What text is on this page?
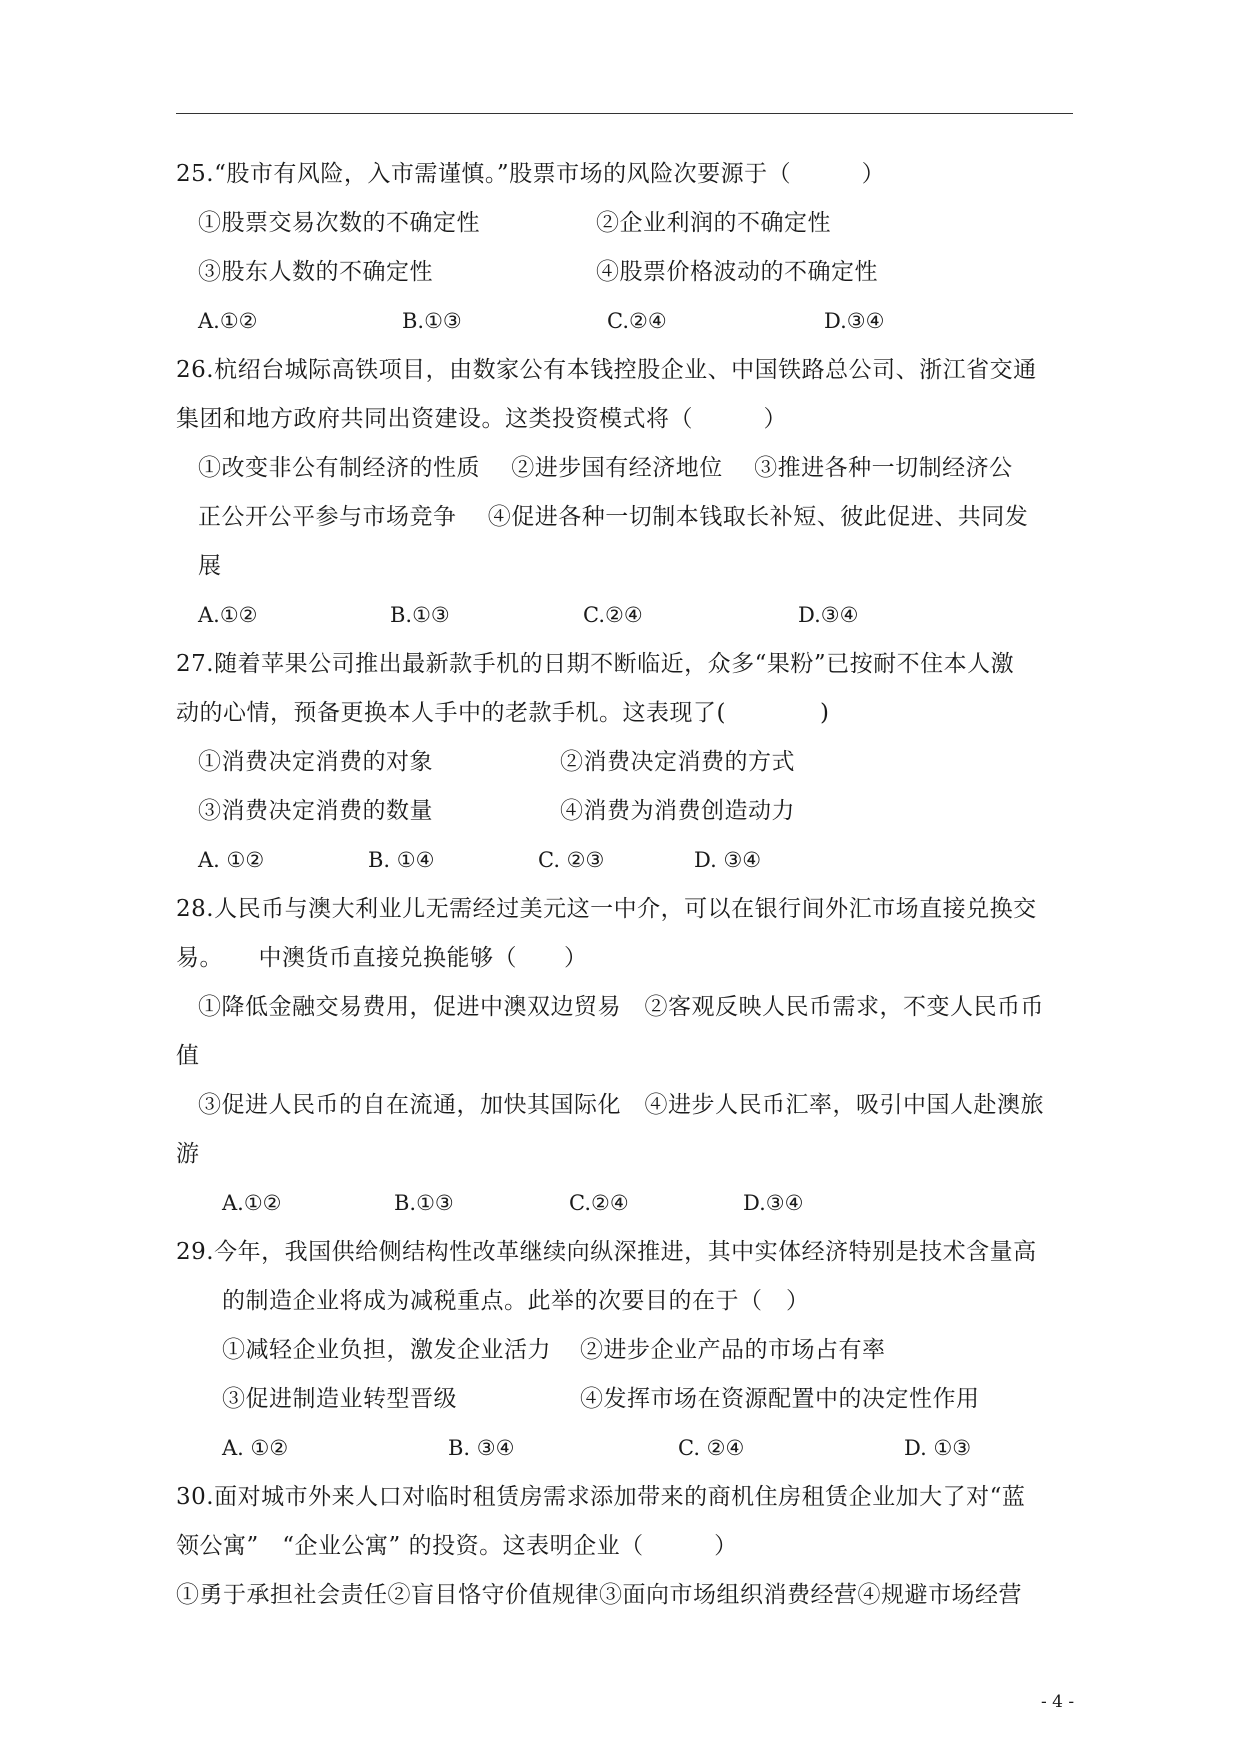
25.“股市有风险，入市需谨慎。”股票市场的风险次要源于（　　　）
①股票交易次数的不确定性	②企业利润的不确定性
③股东人数的不确定性	④股票价格波动的不确定性
A.①②	B.①③	C.②④	D.③④
26.杭绍台城际高铁项目，由数家公有本钱控股企业、中国铁路总公司、浙江省交通
集团和地方政府共同出资建设。这类投资模式将（　　　）
①改变非公有制经济的性质　 ②进步国有经济地位　 ③推进各种一切制经济公
正公开公平参与市场竞争　 ④促进各种一切制本钱取长补短、彼此促进、共同发
展
A.①②	B.①③	C.②④	D.③④
27.随着苹果公司推出最新款手机的日期不断临近，众多“果粉”已按耐不住本人激
动的心情，预备更换本人手中的老款手机。这表现了(　　　　)
①消费决定消费的对象	②消费决定消费的方式
③消费决定消费的数量	④消费为消费创造动力
A. ①②	B. ①④	C. ②③	D. ③④
28.人民币与澳大利业儿无需经过美元这一中介，可以在银行间外汇市场直接兑换交
易。　　中澳货币直接兑换能够（　　）
①降低金融交易费用，促进中澳双边贸易　②客观反映人民币需求，不变人民币币
值
③促进人民币的自在流通，加快其国际化　④进步人民币汇率，吸引中国人赴澳旅
游
A.①②	B.①③	C.②④	D.③④
29.今年，我国供给侧结构性改革继续向纵深推进，其中实体经济特别是技术含量高
的制造企业将成为减税重点。此举的次要目的在于（　）
①减轻企业负担，激发企业活力 ②进步企业产品的市场占有率
③促进制造业转型晋级	④发挥市场在资源配置中的决定性作用
A. ①②	B. ③④	C. ②④	D. ①③
30.面对城市外来人口对临时租赁房需求添加带来的商机住房租赁企业加大了对“蓝
领公寓”　“企业公寓” 的投资。这表明企业（　　　）
①勇于承担社会责任②盲目恪守价值规律③面向市场组织消费经营④规避市场经营
- 4 -
